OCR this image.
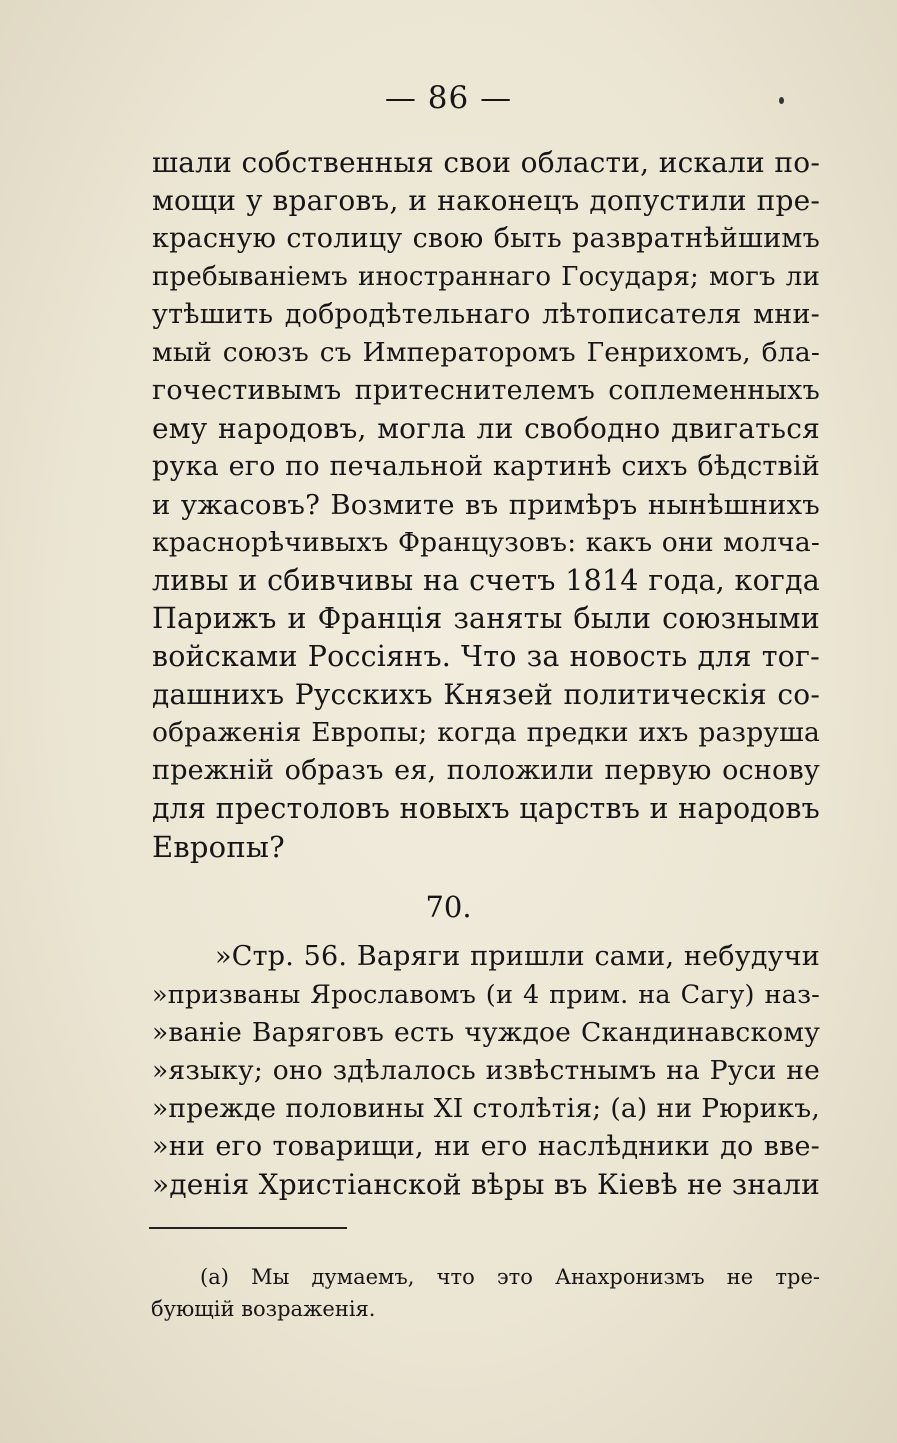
— 86 —
шали собственныя свои области, искали по-
мощи у враговъ, и наконецъ допустили пре-
красную столицу свою быть развратнѣйшимъ
пребываніемъ иностраннаго Государя; могъ ли
утѣшить добродѣтельнаго лѣтописателя мни-
мый союзъ съ Императоромъ Генрихомъ, бла-
гочестивымъ притеснителемъ соплеменныхъ
ему народовъ, могла ли свободно двигаться
рука его по печальной картинѣ сихъ бѣдствій
и ужасовъ? Возмите въ примѣръ нынѣшнихъ
краснорѣчивыхъ Французовъ: какъ они молча-
ливы и сбивчивы на счетъ 1814 года, когда
Парижъ и Франція заняты были союзными
войсками Россіянъ. Что за новость для тог-
дашнихъ Русскихъ Князей политическія со-
ображенія Европы; когда предки ихъ разруша
прежній образъ ея, положили первую основу
для престоловъ новыхъ царствъ и народовъ
Европы?
70.
»Стр. 56. Варяги пришли сами, небудучи
»призваны Ярославомъ (и 4 прим. на Сагу) наз-
»ваніе Варяговъ есть чуждое Скандинавскому
»языку; оно здѣлалось извѣстнымъ на Руси не
»прежде половины XI столѣтія; (а) ни Рюрикъ,
»ни его товарищи, ни его наслѣдники до вве-
»денія Христіанской вѣры въ Кіевѣ не знали
(а) Мы думаемъ, что это Анахронизмъ не тре-
бующій возраженія.
